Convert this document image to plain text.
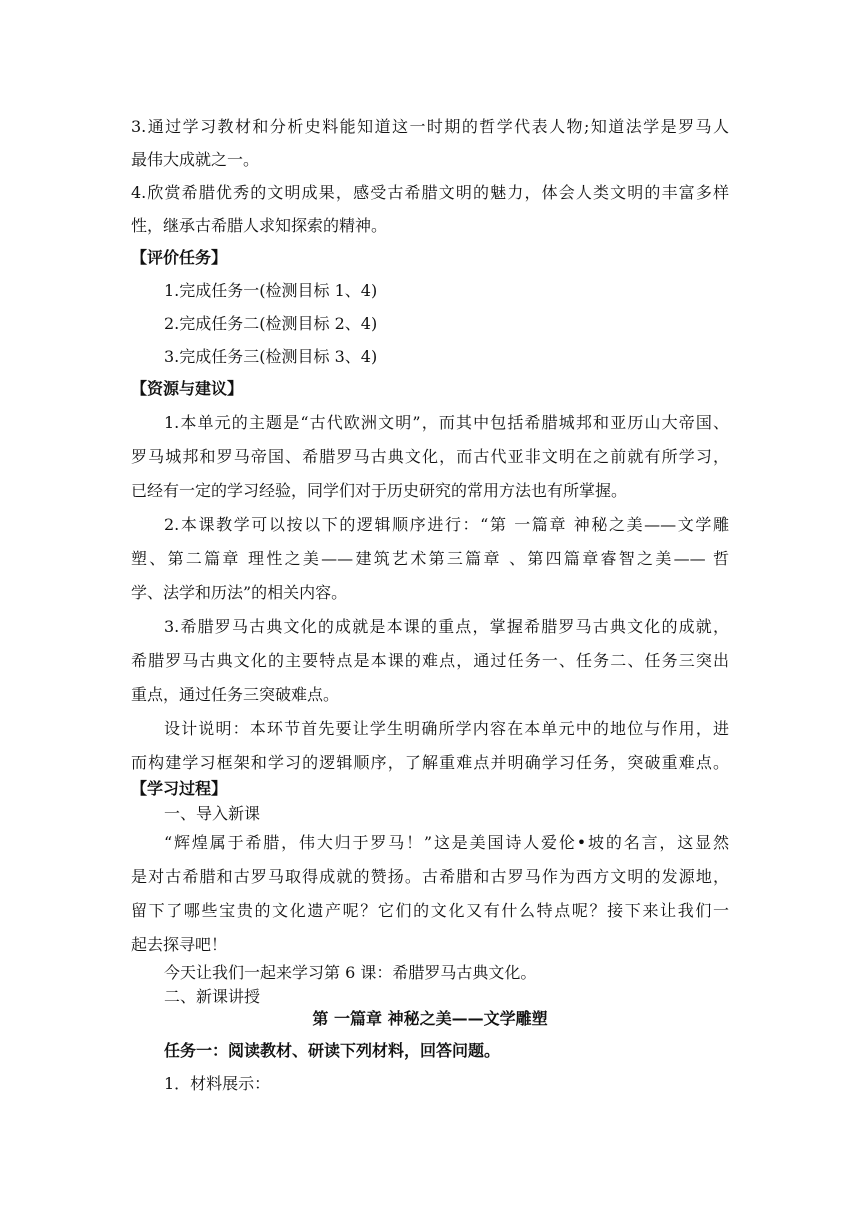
3.通过学习教材和分析史料能知道这一时期的哲学代表人物;知道法学是罗马人
最伟大成就之一。
4.欣赏希腊优秀的文明成果，感受古希腊文明的魅力，体会人类文明的丰富多样
性，继承古希腊人求知探索的精神。
【评价任务】
1.完成任务一(检测目标 1、4)
2.完成任务二(检测目标 2、4)
3.完成任务三(检测目标 3、4)
【资源与建议】
1.本单元的主题是“古代欧洲文明”，而其中包括希腊城邦和亚历山大帝国、
罗马城邦和罗马帝国、希腊罗马古典文化，而古代亚非文明在之前就有所学习，
已经有一定的学习经验，同学们对于历史研究的常用方法也有所掌握。
2.本课教学可以按以下的逻辑顺序进行：“第 一篇章 神秘之美——文学雕
塑、第二篇章 理性之美——建筑艺术第三篇章 、第四篇章睿智之美—— 哲
学、法学和历法”的相关内容。
3.希腊罗马古典文化的成就是本课的重点，掌握希腊罗马古典文化的成就，
希腊罗马古典文化的主要特点是本课的难点，通过任务一、任务二、任务三突出
重点，通过任务三突破难点。
设计说明：本环节首先要让学生明确所学内容在本单元中的地位与作用，进
而构建学习框架和学习的逻辑顺序，了解重难点并明确学习任务，突破重难点。
【学习过程】
一、导入新课
“辉煌属于希腊，伟大归于罗马！”这是美国诗人爱伦•坡的名言，这显然
是对古希腊和古罗马取得成就的赞扬。古希腊和古罗马作为西方文明的发源地，
留下了哪些宝贵的文化遗产呢？它们的文化又有什么特点呢？接下来让我们一
起去探寻吧！
今天让我们一起来学习第 6 课：希腊罗马古典文化。
二、新课讲授
第 一篇章 神秘之美——文学雕塑
任务一：阅读教材、研读下列材料，回答问题。
1．材料展示：
